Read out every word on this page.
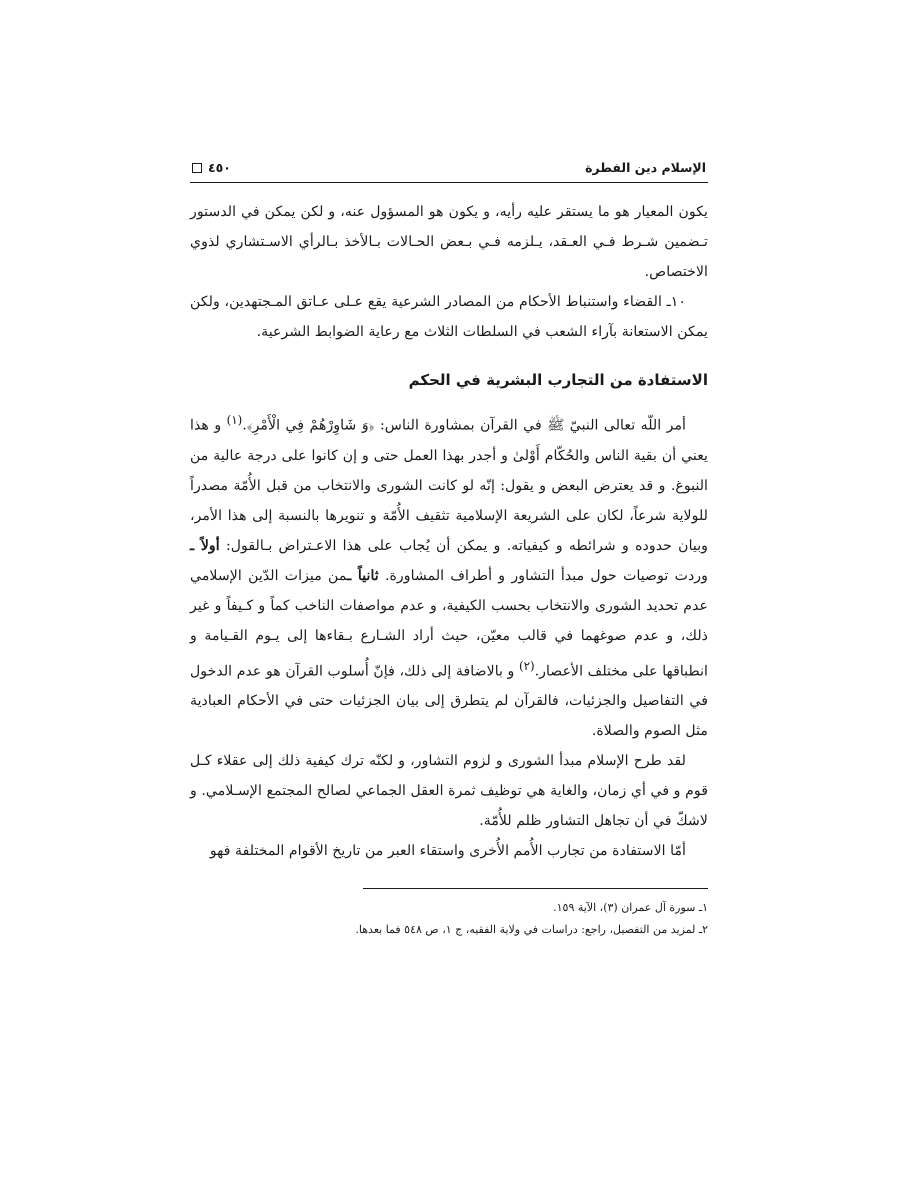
الإسلام دين الفطرة
٤٥٠

يكون المعيار هو ما يستقر عليه رأيه، و يكون هو المسؤول عنه، و لكن يمكن في الدستور تـضمين شـرط فـي العـقد، يـلزمه فـي بـعض الحـالات بـالأخذ بـالرأي الاسـتشاري لذوي الاختصاص.

١٠ـ القضاء واستنباط الأحكام من المصادر الشرعية يقع عـلى عـاتق المـجتهدين، ولكن يمكن الاستعانة بآراء الشعب في السلطات الثلاث مع رعاية الضوابط الشرعية.

الاستفادة من التجارب البشرية في الحكم

أمر اللّه تعالى النبيّ ﷺ في القرآن بمشاورة الناس: ﴿وَ شَاوِرْهُمْ فِي الْأَمْرِ﴾.$^{(١)}$ و هذا يعني أن بقية الناس والحُكّام أَوْلىٰ و أجدر بهذا العمل حتى و إن كانوا على درجة عالية من النبوغ. و قد يعترض البعض و يقول: إنّه لو كانت الشورى والانتخاب من قبل الأُمّة مصدراً للولاية شرعاً، لكان على الشريعة الإسلامية تثقيف الأُمّة و تنويرها بالنسبة إلى هذا الأمر، وبيان حدوده و شرائطه و كيفياته. و يمكن أن يُجاب على هذا الاعـتراض بـالقول: أولاً ـ وردت توصيات حول مبدأ التشاور و أطراف المشاورة. ثانياً ـمن ميزات الدّين الإسلامي عدم تحديد الشورى والانتخاب بحسب الكيفية، و عدم مواصفات الناخب كماً و كـيفاً و غير ذلك، و عدم صوغهما في قالب معيّن، حيث أراد الشـارع بـقاءها إلى يـوم القـيامة و انطباقها على مختلف الأعصار.$^{(٢)}$ و بالاضافة إلى ذلك، فإنّ أُسلوب القرآن هو عدم الدخول في التفاصيل والجزئيات، فالقرآن لم يتطرق إلى بيان الجزئيات حتى في الأحكام العبادية مثل الصوم والصلاة.

لقد طرح الإسلام مبدأ الشورى و لزوم التشاور، و لكنّه ترك كيفية ذلك إلى عقلاء كـل قوم و في أي زمان، والغاية هي توظيف ثمرة العقل الجماعي لصالح المجتمع الإسـلامي. و لاشكّ في أن تجاهل التشاور ظلم للأُمّة.

أمّا الاستفادة من تجارب الأُمم الأُخرى واستقاء العبر من تاريخ الأقوام المختلفة فهو

١ـ سورة آل عمران (٣)، الآية ١٥٩.

٢ـ لمزيد من التفصيل، راجع: دراسات في ولاية الفقيه، ج ١، ص ٥٤٨ فما بعدها.
